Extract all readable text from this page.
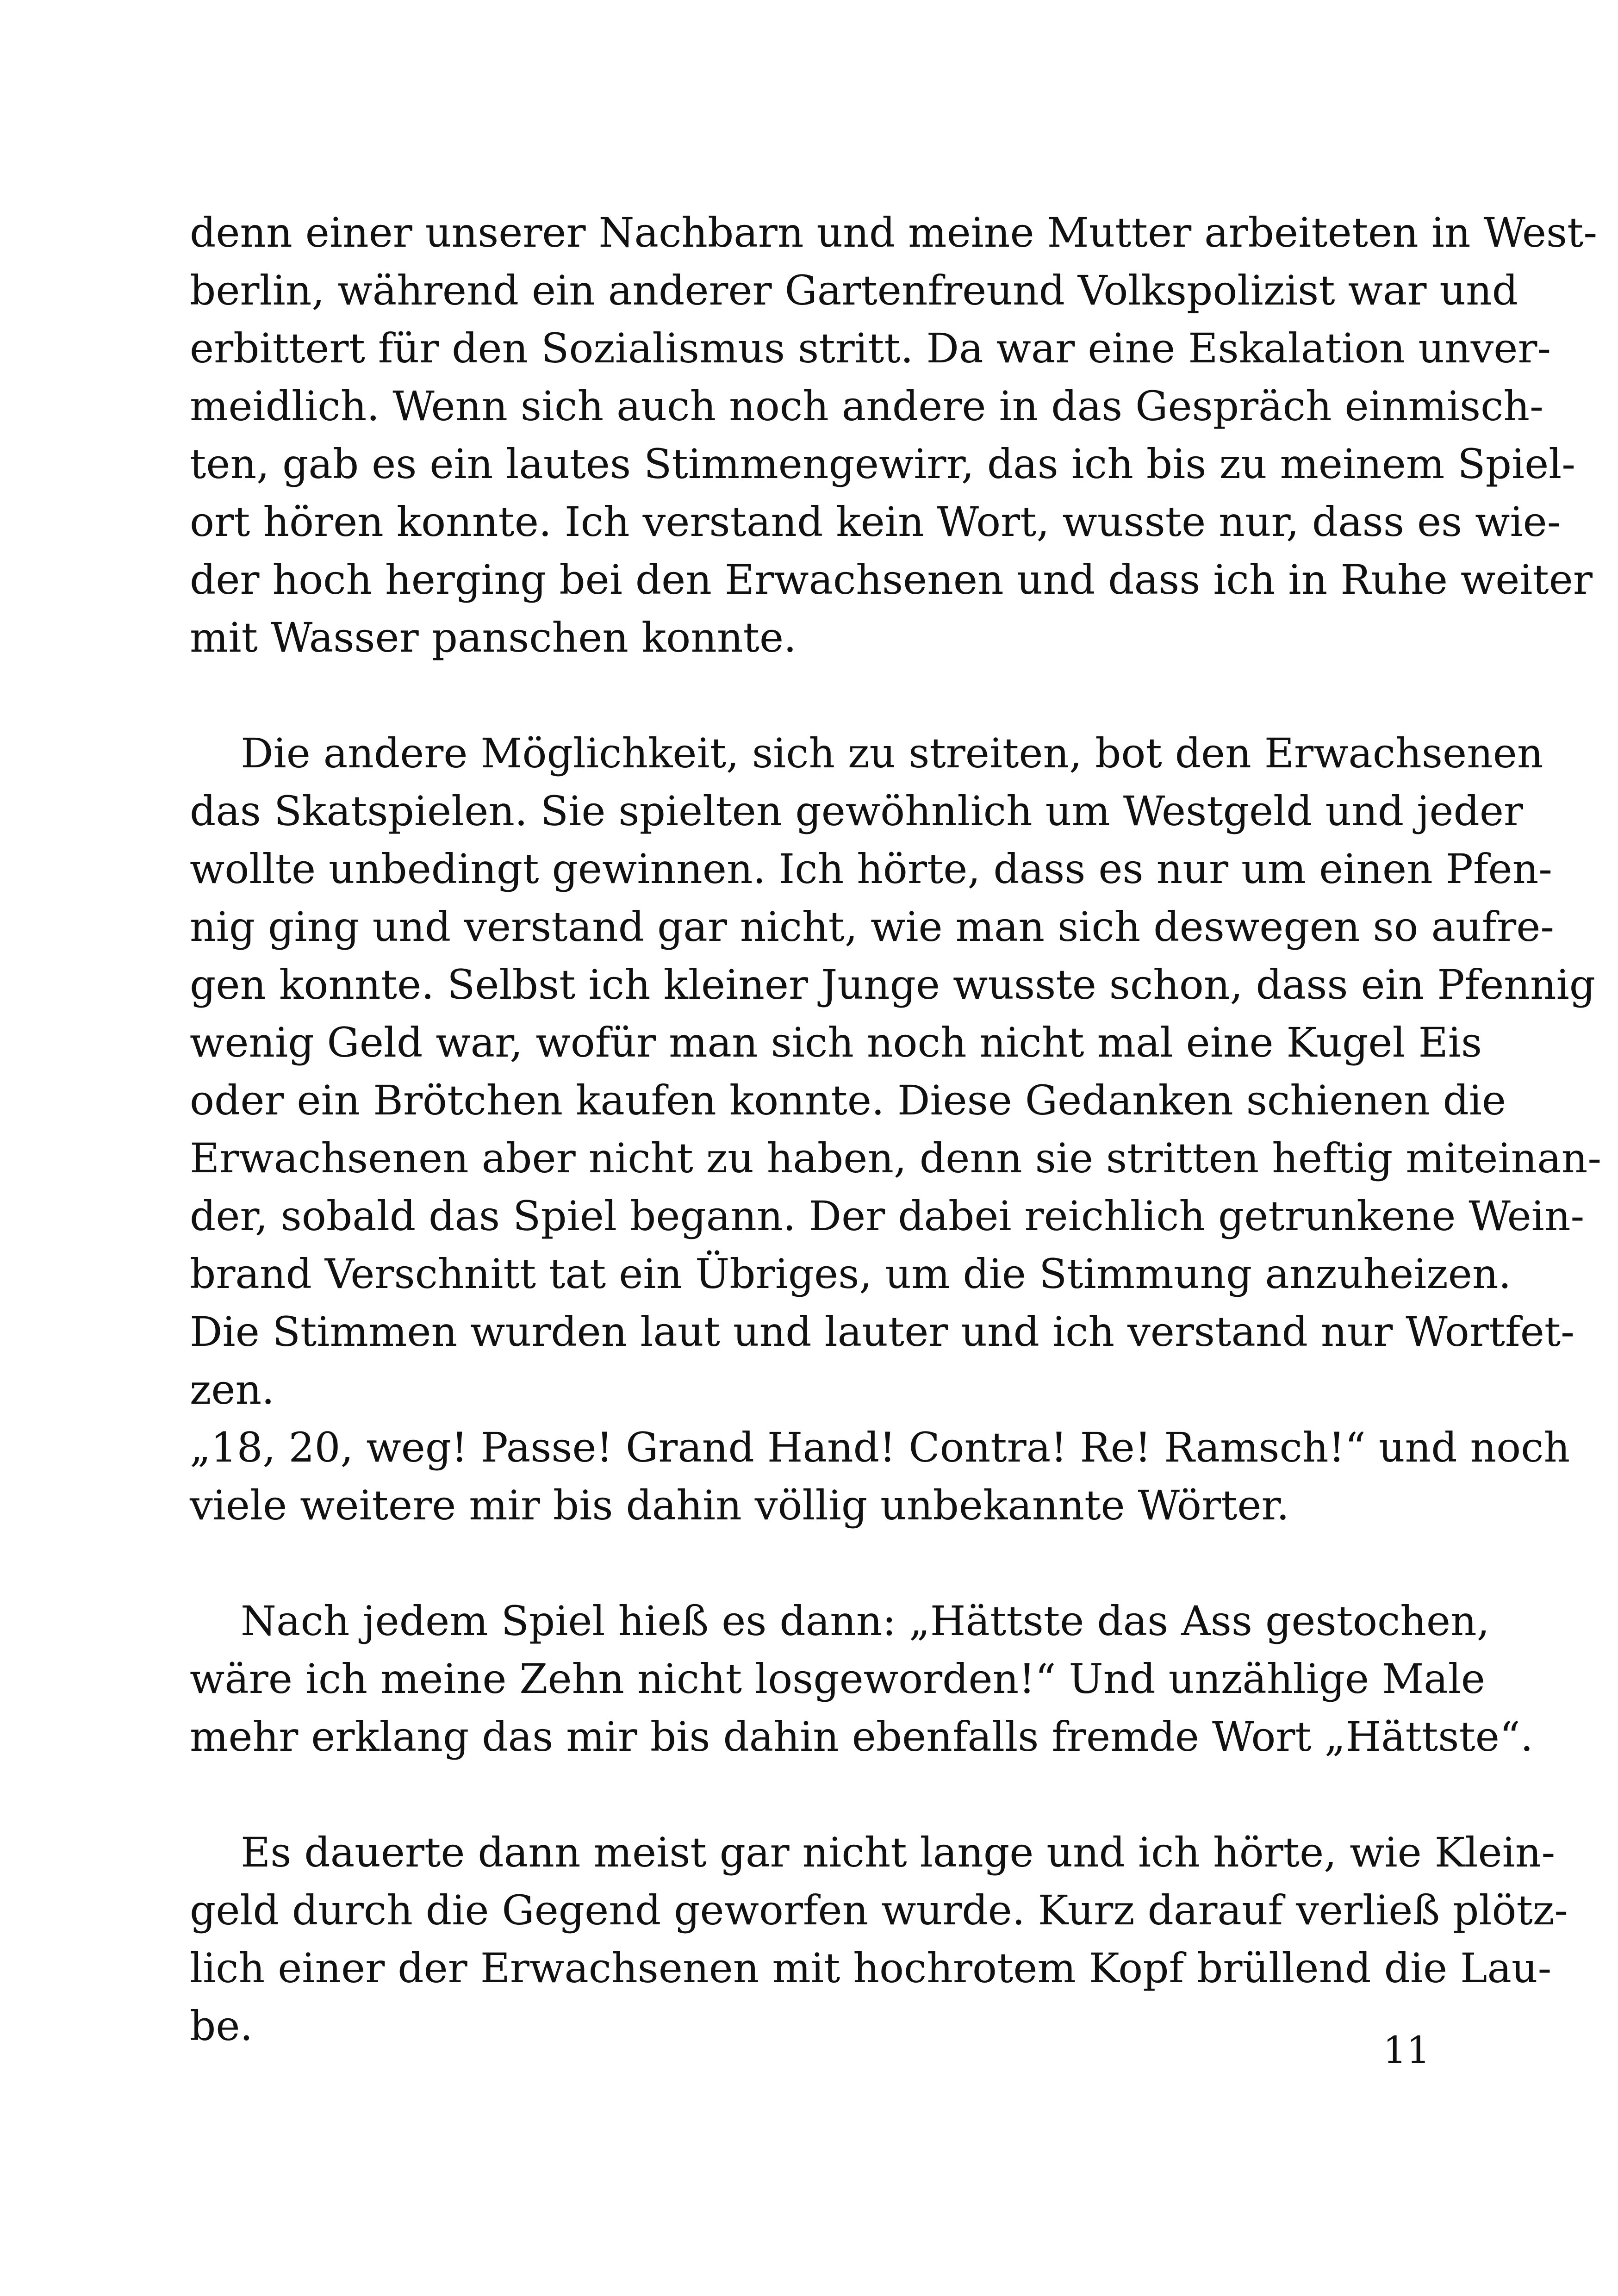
denn einer unserer Nachbarn und meine Mutter arbeiteten in West-
berlin, während ein anderer Gartenfreund Volkspolizist war und
erbittert für den Sozialismus stritt. Da war eine Eskalation unver-
meidlich. Wenn sich auch noch andere in das Gespräch einmisch-
ten, gab es ein lautes Stimmengewirr, das ich bis zu meinem Spiel-
ort hören konnte. Ich verstand kein Wort, wusste nur, dass es wie-
der hoch herging bei den Erwachsenen und dass ich in Ruhe weiter
mit Wasser panschen konnte.

Die andere Möglichkeit, sich zu streiten, bot den Erwachsenen
das Skatspielen. Sie spielten gewöhnlich um Westgeld und jeder
wollte unbedingt gewinnen. Ich hörte, dass es nur um einen Pfen-
nig ging und verstand gar nicht, wie man sich deswegen so aufre-
gen konnte. Selbst ich kleiner Junge wusste schon, dass ein Pfennig
wenig Geld war, wofür man sich noch nicht mal eine Kugel Eis
oder ein Brötchen kaufen konnte. Diese Gedanken schienen die
Erwachsenen aber nicht zu haben, denn sie stritten heftig miteinan-
der, sobald das Spiel begann. Der dabei reichlich getrunkene Wein-
brand Verschnitt tat ein Übriges, um die Stimmung anzuheizen.
Die Stimmen wurden laut und lauter und ich verstand nur Wortfet-
zen.

„18, 20, weg! Passe! Grand Hand! Contra! Re! Ramsch!“ und noch
viele weitere mir bis dahin völlig unbekannte Wörter.

Nach jedem Spiel hieß es dann: „Hättste das Ass gestochen,
wäre ich meine Zehn nicht losgeworden!“ Und unzählige Male
mehr erklang das mir bis dahin ebenfalls fremde Wort „Hättste“.

Es dauerte dann meist gar nicht lange und ich hörte, wie Klein-
geld durch die Gegend geworfen wurde. Kurz darauf verließ plötz-
lich einer der Erwachsenen mit hochrotem Kopf brüllend die Lau-
be.

11
